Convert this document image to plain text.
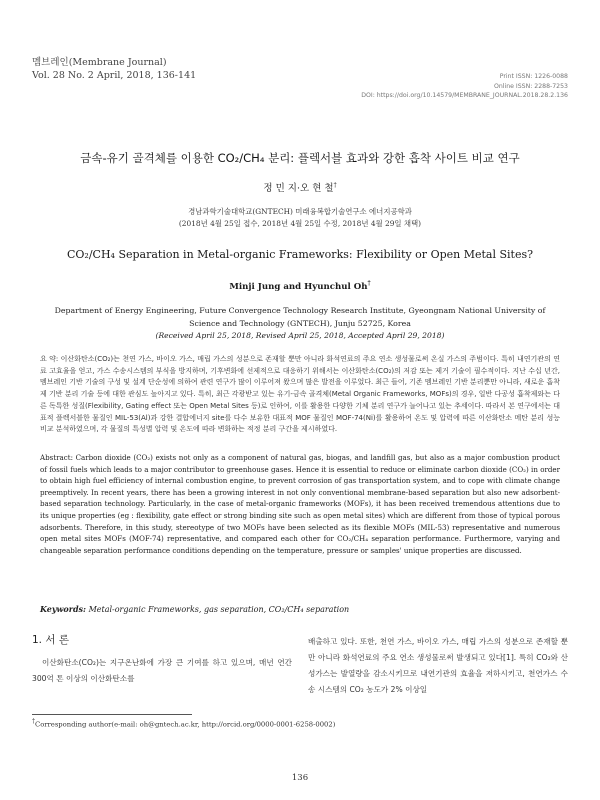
멤브레인(Membrane Journal)
Vol. 28 No. 2 April, 2018, 136-141	Print ISSN: 1226-0088
Online ISSN: 2288-7253
DOI: https://doi.org/10.14579/MEMBRANE_JOURNAL.2018.28.2.136
금속-유기 골격체를 이용한 CO₂/CH₄ 분리: 플렉서블 효과와 강한 흡착 사이트 비교 연구
정 민 지·오 현 철†
경남과학기술대학교(GNTECH) 미래융복합기술연구소 에너지공학과
(2018년 4월 25일 접수, 2018년 4월 25일 수정, 2018년 4월 29일 채택)
CO₂/CH₄ Separation in Metal-organic Frameworks: Flexibility or Open Metal Sites?
Minji Jung and Hyunchul Oh†
Department of Energy Engineering, Future Convergence Technology Research Institute, Gyeongnam National University of Science and Technology (GNTECH), Junju 52725, Korea
(Received April 25, 2018, Revised April 25, 2018, Accepted April 29, 2018)
요 약: 이산화탄소(CO₂)는 천연 가스, 바이오 가스, 매립 가스의 성분으로 존재할 뿐만 아니라 화석연료의 주요 연소 생성물로써 온실 가스의 주범이다. 특히 내연기관의 연료 고효율을 얻고, 가스 수송시스템의 부식을 방지하며, 기후변화에 선제적으로 대응하기 위해서는 이산화탄소(CO₂)의 저감 또는 제거 기술이 필수적이다. 지난 수십 년간, 멤브레인 기반 기술의 구성 및 설계 단순성에 의하여 관련 연구가 많이 이루어져 왔으며 많은 발전을 이루었다. 최근 들어, 기존 멤브레인 기반 분리뿐만 아니라, 새로운 흡착제 기반 분리 기술 등에 대한 관심도 높아지고 있다. 특히, 최근 각광받고 있는 유기-금속 골격체(Metal Organic Frameworks, MOFs)의 경우, 일반 다공성 흡착제와는 다른 독특한 성질(Flexibility, Gating effect 또는 Open Metal Sites 등)로 인하여, 이를 활용한 다양한 기체 분리 연구가 늘어나고 있는 추세이다. 따라서 본 연구에서는 대표적 플렉서블한 물질인 MIL-53(Al)과 강한 결합에너지 site를 다수 보유한 대표적 MOF 물질인 MOF-74(Ni)를 활용하여 온도 및 압력에 따른 이산화탄소 메탄 분리 성능 비교 분석하였으며, 각 물질의 특성별 압력 및 온도에 따라 변화하는 적정 분리 구간을 제시하였다.
Abstract: Carbon dioxide (CO₂) exists not only as a component of natural gas, biogas, and landfill gas, but also as a major combustion product of fossil fuels which leads to a major contributor to greenhouse gases. Hence it is essential to reduce or eliminate carbon dioxide (CO₂) in order to obtain high fuel efficiency of internal combustion engine, to prevent corrosion of gas transportation system, and to cope with climate change preemptively. In recent years, there has been a growing interest in not only conventional membrane-based separation but also new adsorbent-based separation technology. Particularly, in the case of metal-organic frameworks (MOFs), it has been received tremendous attentions due to its unique properties (eg : flexibility, gate effect or strong binding site such as open metal sites) which are different from those of typical porous adsorbents. Therefore, in this study, stereotype of two MOFs have been selected as its flexible MOFs (MIL-53) representative and numerous open metal sites MOFs (MOF-74) representative, and compared each other for CO₂/CH₄ separation performance. Furthermore, varying and changeable separation performance conditions depending on the temperature, pressure or samples' unique properties are discussed.
Keywords: Metal-organic Frameworks, gas separation, CO₂/CH₄ separation
1. 서 론
이산화탄소(CO₂)는 지구온난화에 가장 큰 기여를 하고 있으며, 매년 연간 300억 톤 이상의 이산화탄소를
배출하고 있다. 또한, 천연 가스, 바이오 가스, 매립 가스의 성분으로 존재할 뿐만 아니라 화석연료의 주요 연소 생성물로써 발생되고 있다[1]. 특히 CO₂와 산성가스는 발열량을 감소시키므로 내연기관의 효율을 저하시키고, 천연가스 수송 시스템의 CO₂ 농도가 2% 이상일
†Corresponding author(e-mail: oh@gntech.ac.kr, http://orcid.org/0000-0001-6258-0002)
136
